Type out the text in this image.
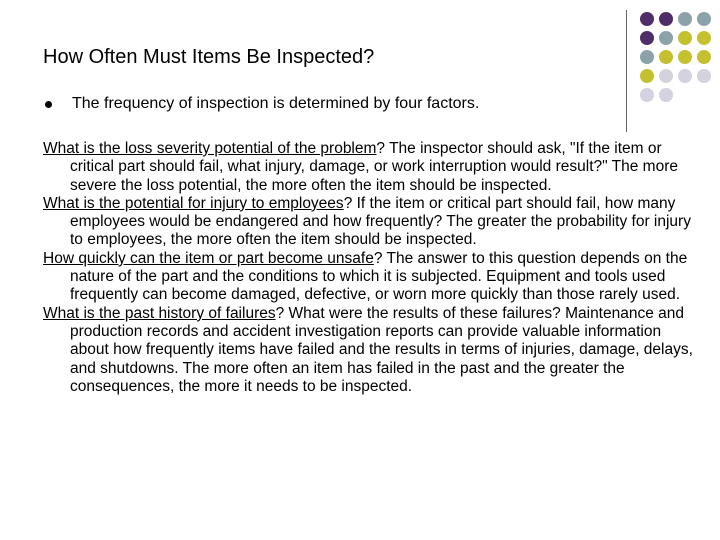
How Often Must Items Be Inspected?
The frequency of inspection is determined by four factors.

What is the loss severity potential of the problem? The inspector should ask, "If the item or critical part should fail, what injury, damage, or work interruption would result?" The more severe the loss potential, the more often the item should be inspected.

What is the potential for injury to employees? If the item or critical part should fail, how many employees would be endangered and how frequently? The greater the probability for injury to employees, the more often the item should be inspected.

How quickly can the item or part become unsafe? The answer to this question depends on the nature of the part and the conditions to which it is subjected. Equipment and tools used frequently can become damaged, defective, or worn more quickly than those rarely used.

What is the past history of failures? What were the results of these failures? Maintenance and production records and accident investigation reports can provide valuable information about how frequently items have failed and the results in terms of injuries, damage, delays, and shutdowns. The more often an item has failed in the past and the greater the consequences, the more it needs to be inspected.
